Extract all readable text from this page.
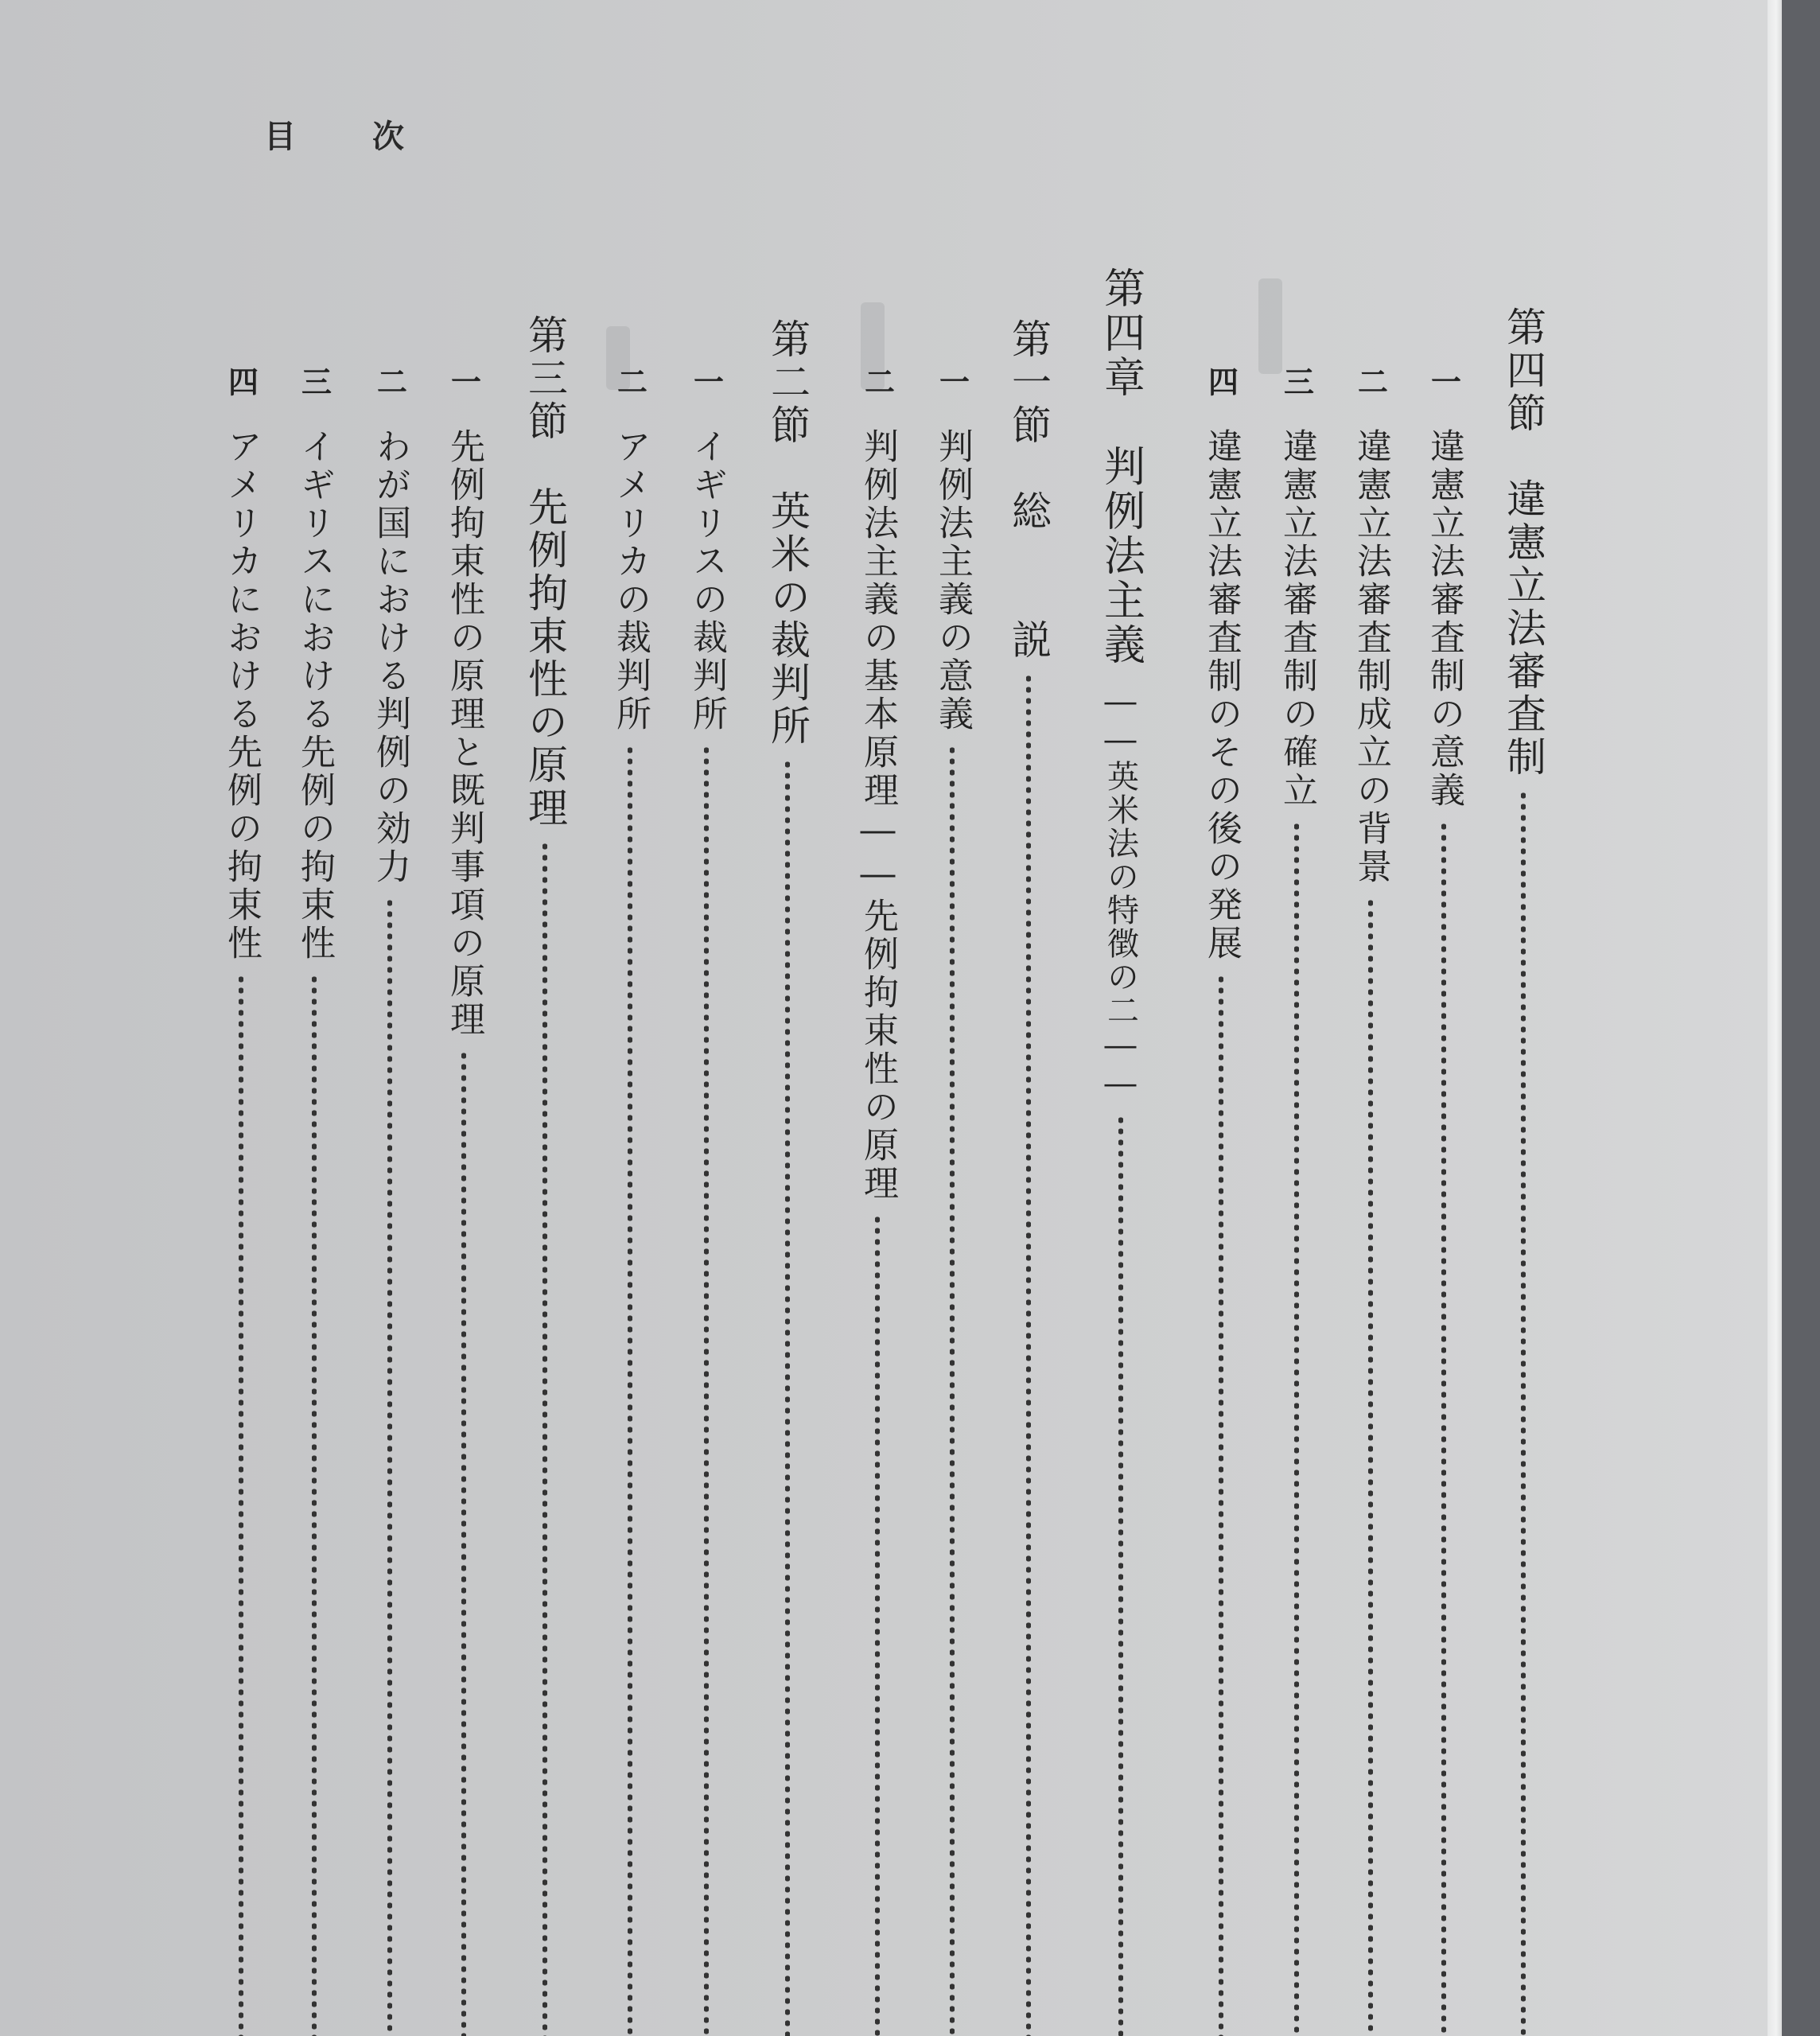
目 次
第四節　違憲立法審査制
一
違憲立法審査制の意義
二
違憲立法審査制成立の背景
三
違憲立法審査制の確立
四
違憲立法審査制のその後の発展
第四章　判例法主義
――英米法の特徴の二――
第一節　総　　説
一
判例法主義の意義
二
判例法主義の基本原理――先例拘束性の原理
第二節　英米の裁判所
一
イギリスの裁判所
二
アメリカの裁判所
第三節　先例拘束性の原理
一
先例拘束性の原理と既判事項の原理
二
わが国における判例の効力
三
イギリスにおける先例の拘束性
四
アメリカにおける先例の拘束性
